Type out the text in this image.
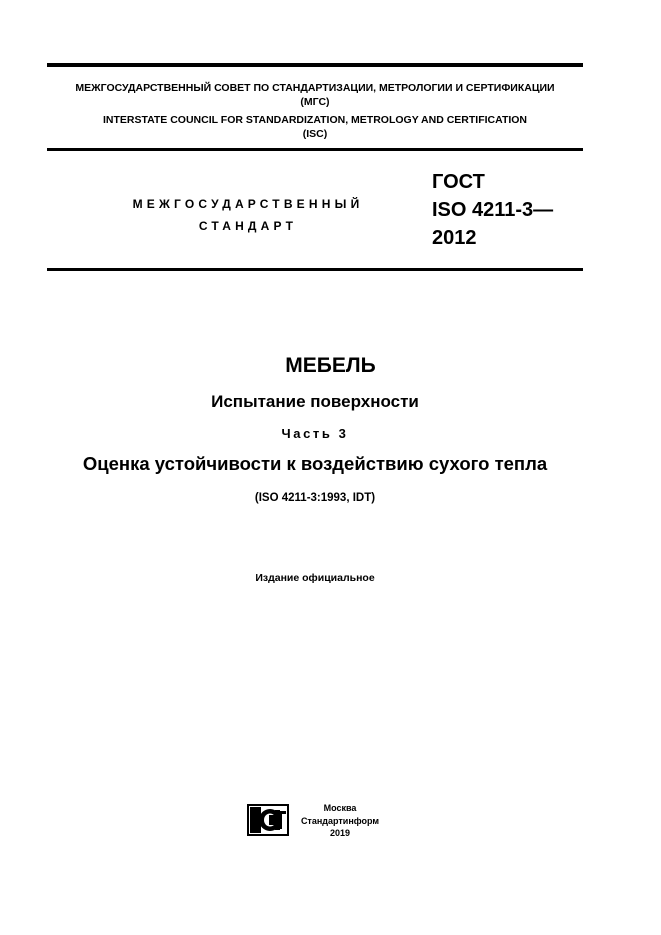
МЕЖГОСУДАРСТВЕННЫЙ СОВЕТ ПО СТАНДАРТИЗАЦИИ, МЕТРОЛОГИИ И СЕРТИФИКАЦИИ
(МГС)
INTERSTATE COUNCIL FOR STANDARDIZATION, METROLOGY AND CERTIFICATION
(ISC)
МЕЖГОСУДАРСТВЕННЫЙ
СТАНДАРТ
ГОСТ
ISO 4211-3—
2012
МЕБЕЛЬ
Испытание поверхности
Часть 3
Оценка устойчивости к воздействию сухого тепла
(ISO 4211-3:1993, IDT)
Издание официальное
Москва
Стандартинформ
2019
